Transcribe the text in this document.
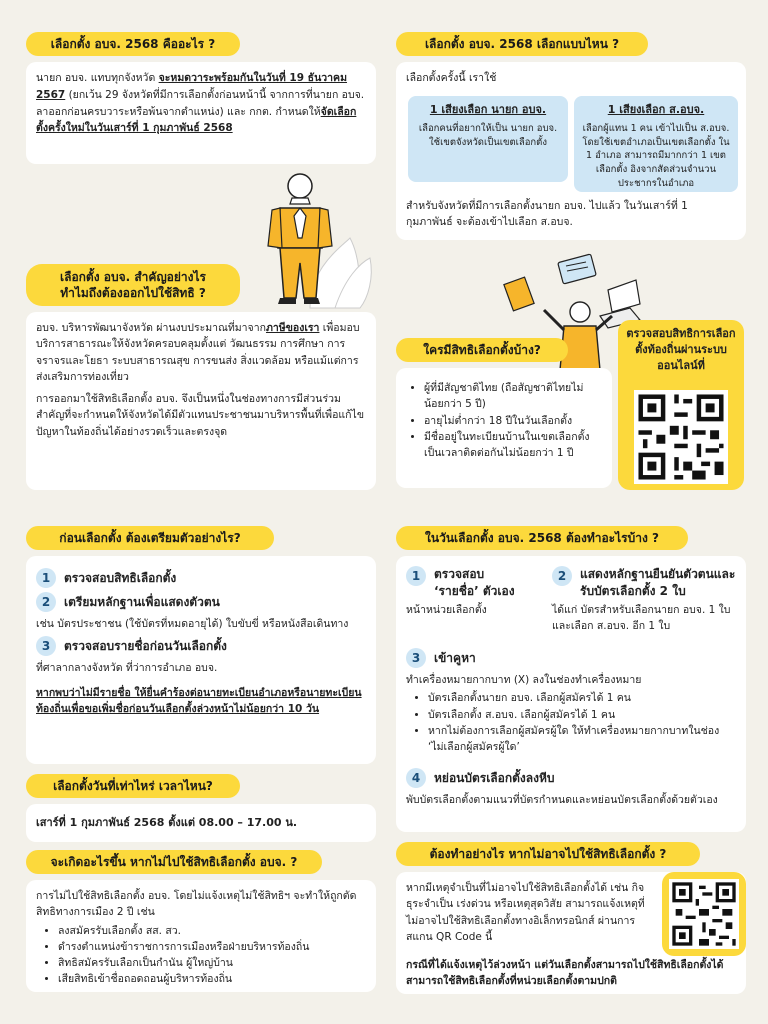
เลือกตั้ง อบจ. 2568 คืออะไร ?

นายก อบจ. แทบทุกจังหวัด จะหมดวาระพร้อมกันในวันที่ 19 ธันวาคม 2567 (ยกเว้น 29 จังหวัดที่มีการเลือกตั้งก่อนหน้านี้ จากการที่นายก อบจ. ลาออกก่อนครบวาระหรือพ้นจากตำแหน่ง) และ กกต. กำหนดให้จัดเลือกตั้งครั้งใหม่ในวันเสาร์ที่ 1 กุมภาพันธ์ 2568

เลือกตั้ง อบจ. สำคัญอย่างไร ทำไมถึงต้องออกไปใช้สิทธิ ?

อบจ. บริหารพัฒนาจังหวัด ผ่านงบประมาณที่มาจากภาษีของเรา เพื่อมอบบริการสาธารณะให้จังหวัดครอบคลุมตั้งแต่ วัฒนธรรม การศึกษา การจราจรและโยธา ระบบสาธารณสุข การขนส่ง สิ่งแวดล้อม หรือแม้แต่การส่งเสริมการท่องเที่ยว

การออกมาใช้สิทธิเลือกตั้ง อบจ. จึงเป็นหนึ่งในช่องทางการมีส่วนร่วมสำคัญที่จะกำหนดให้จังหวัดได้มีตัวแทนประชาชนมาบริหารพื้นที่เพื่อแก้ไขปัญหาในท้องถิ่นได้อย่างรวดเร็วและตรงจุด

เลือกตั้ง อบจ. 2568 เลือกแบบไหน ?
เลือกตั้งครั้งนี้ เราใช้
1 เสียงเลือก นายก อบจ.
เลือกคนที่อยากให้เป็น นายก อบจ. ใช้เขตจังหวัดเป็นเขตเลือกตั้ง
1 เสียงเลือก ส.อบจ.
เลือกผู้แทน 1 คน เข้าไปเป็น ส.อบจ. โดยใช้เขตอำเภอเป็นเขตเลือกตั้ง ใน 1 อำเภอ สามารถมีมากกว่า 1 เขตเลือกตั้ง อิงจากสัดส่วนจำนวนประชากรในอำเภอ
สำหรับจังหวัดที่มีการเลือกตั้งนายก อบจ. ไปแล้ว ในวันเสาร์ที่ 1 กุมภาพันธ์ จะต้องเข้าไปเลือก ส.อบจ.
ใครมีสิทธิเลือกตั้งบ้าง?
• ผู้ที่มีสัญชาติไทย (ถือสัญชาติไทยไม่น้อยกว่า 5 ปี)
• อายุไม่ต่ำกว่า 18 ปีในวันเลือกตั้ง
• มีชื่ออยู่ในทะเบียนบ้านในเขตเลือกตั้งเป็นเวลาติดต่อกันไม่น้อยกว่า 1 ปี
ตรวจสอบสิทธิการเลือกตั้งท้องถิ่นผ่านระบบออนไลน์ที่
ก่อนเลือกตั้ง ต้องเตรียมตัวอย่างไร?
1	ตรวจสอบสิทธิเลือกตั้ง
2	เตรียมหลักฐานเพื่อแสดงตัวตน
เช่น บัตรประชาชน (ใช้บัตรที่หมดอายุได้) ใบขับขี่ หรือหนังสือเดินทาง
3	ตรวจสอบรายชื่อก่อนวันเลือกตั้ง
ที่ศาลากลางจังหวัด ที่ว่าการอำเภอ อบจ.
หากพบว่าไม่มีรายชื่อ ให้ยื่นคำร้องต่อนายทะเบียนอำเภอหรือนายทะเบียนท้องถิ่นเพื่อขอเพิ่มชื่อก่อนวันเลือกตั้งล่วงหน้าไม่น้อยกว่า 10 วัน
เลือกตั้งวันที่เท่าไหร่ เวลาไหน?
เสาร์ที่ 1 กุมภาพันธ์ 2568 ตั้งแต่ 08.00 – 17.00 น.
จะเกิดอะไรขึ้น หากไม่ไปใช้สิทธิเลือกตั้ง อบจ. ?
การไม่ไปใช้สิทธิเลือกตั้ง อบจ. โดยไม่แจ้งเหตุไม่ใช้สิทธิฯ จะทำให้ถูกตัดสิทธิทางการเมือง 2 ปี เช่น
• ลงสมัครรับเลือกตั้ง สส. สว.
• ดำรงตำแหน่งข้าราชการการเมืองหรือฝ่ายบริหารท้องถิ่น
• สิทธิสมัครรับเลือกเป็นกำนัน ผู้ใหญ่บ้าน
• เสียสิทธิเข้าชื่อถอดถอนผู้บริหารท้องถิ่น
ในวันเลือกตั้ง อบจ. 2568 ต้องทำอะไรบ้าง ?
1	ตรวจสอบ
‘รายชื่อ’ ตัวเอง
หน้าหน่วยเลือกตั้ง
2	แสดงหลักฐานยืนยันตัวตนและรับบัตรเลือกตั้ง 2 ใบ
ได้แก่ บัตรสำหรับเลือกนายก อบจ. 1 ใบ และเลือก ส.อบจ. อีก 1 ใบ
3	เข้าคูหา
ทำเครื่องหมายกากบาท (X) ลงในช่องทำเครื่องหมาย
• บัตรเลือกตั้งนายก อบจ. เลือกผู้สมัครได้ 1 คน
• บัตรเลือกตั้ง ส.อบจ. เลือกผู้สมัครได้ 1 คน
• หากไม่ต้องการเลือกผู้สมัครผู้ใด ให้ทำเครื่องหมายกากบาทในช่อง ‘ไม่เลือกผู้สมัครผู้ใด’
4	หย่อนบัตรเลือกตั้งลงหีบ
พับบัตรเลือกตั้งตามแนวที่บัตรกำหนดและหย่อนบัตรเลือกตั้งด้วยตัวเอง
ต้องทำอย่างไร หากไม่อาจไปใช้สิทธิเลือกตั้ง ?
หากมีเหตุจำเป็นที่ไม่อาจไปใช้สิทธิเลือกตั้งได้ เช่น กิจธุระจำเป็น เร่งด่วน หรือเหตุสุดวิสัย สามารถแจ้งเหตุที่ไม่อาจไปใช้สิทธิเลือกตั้งทางอิเล็กทรอนิกส์ ผ่านการสแกน QR Code นี้
กรณีที่ได้แจ้งเหตุไว้ล่วงหน้า แต่วันเลือกตั้งสามารถไปใช้สิทธิเลือกตั้งได้ สามารถใช้สิทธิเลือกตั้งที่หน่วยเลือกตั้งตามปกติ
